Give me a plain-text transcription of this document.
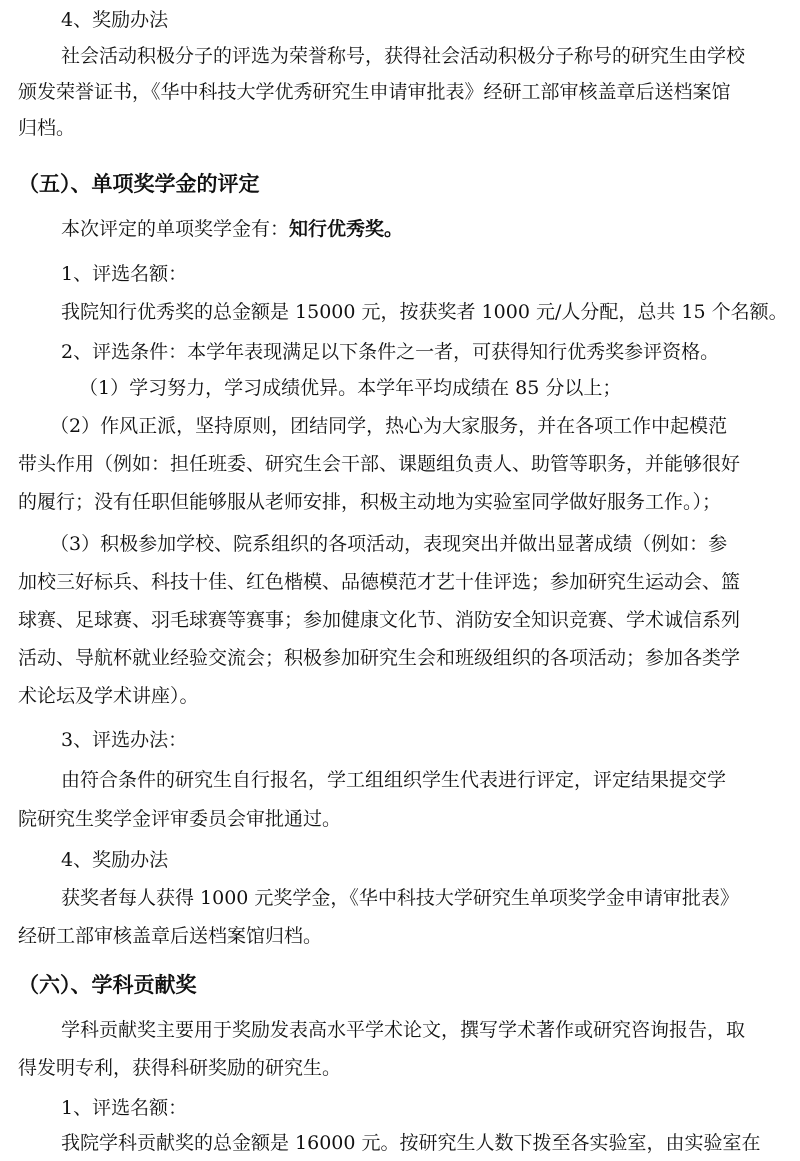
4、奖励办法
社会活动积极分子的评选为荣誉称号，获得社会活动积极分子称号的研究生由学校
颁发荣誉证书，《华中科技大学优秀研究生申请审批表》经研工部审核盖章后送档案馆
归档。
（五）、单项奖学金的评定
本次评定的单项奖学金有：知行优秀奖。
1、评选名额：
我院知行优秀奖的总金额是 15000 元，按获奖者 1000 元/人分配，总共 15 个名额。
2、评选条件：本学年表现满足以下条件之一者，可获得知行优秀奖参评资格。
（1）学习努力，学习成绩优异。本学年平均成绩在 85 分以上；
（2）作风正派，坚持原则，团结同学，热心为大家服务，并在各项工作中起模范
带头作用（例如：担任班委、研究生会干部、课题组负责人、助管等职务，并能够很好
的履行；没有任职但能够服从老师安排，积极主动地为实验室同学做好服务工作。）；
（3）积极参加学校、院系组织的各项活动，表现突出并做出显著成绩（例如：参
加校三好标兵、科技十佳、红色楷模、品德模范才艺十佳评选；参加研究生运动会、篮
球赛、足球赛、羽毛球赛等赛事；参加健康文化节、消防安全知识竞赛、学术诚信系列
活动、导航杯就业经验交流会；积极参加研究生会和班级组织的各项活动；参加各类学
术论坛及学术讲座）。
3、评选办法：
由符合条件的研究生自行报名，学工组组织学生代表进行评定，评定结果提交学
院研究生奖学金评审委员会审批通过。
4、奖励办法
获奖者每人获得 1000 元奖学金，《华中科技大学研究生单项奖学金申请审批表》
经研工部审核盖章后送档案馆归档。
（六）、学科贡献奖
学科贡献奖主要用于奖励发表高水平学术论文，撰写学术著作或研究咨询报告，取
得发明专利，获得科研奖励的研究生。
1、评选名额：
我院学科贡献奖的总金额是 16000 元。按研究生人数下拨至各实验室，由实验室在
